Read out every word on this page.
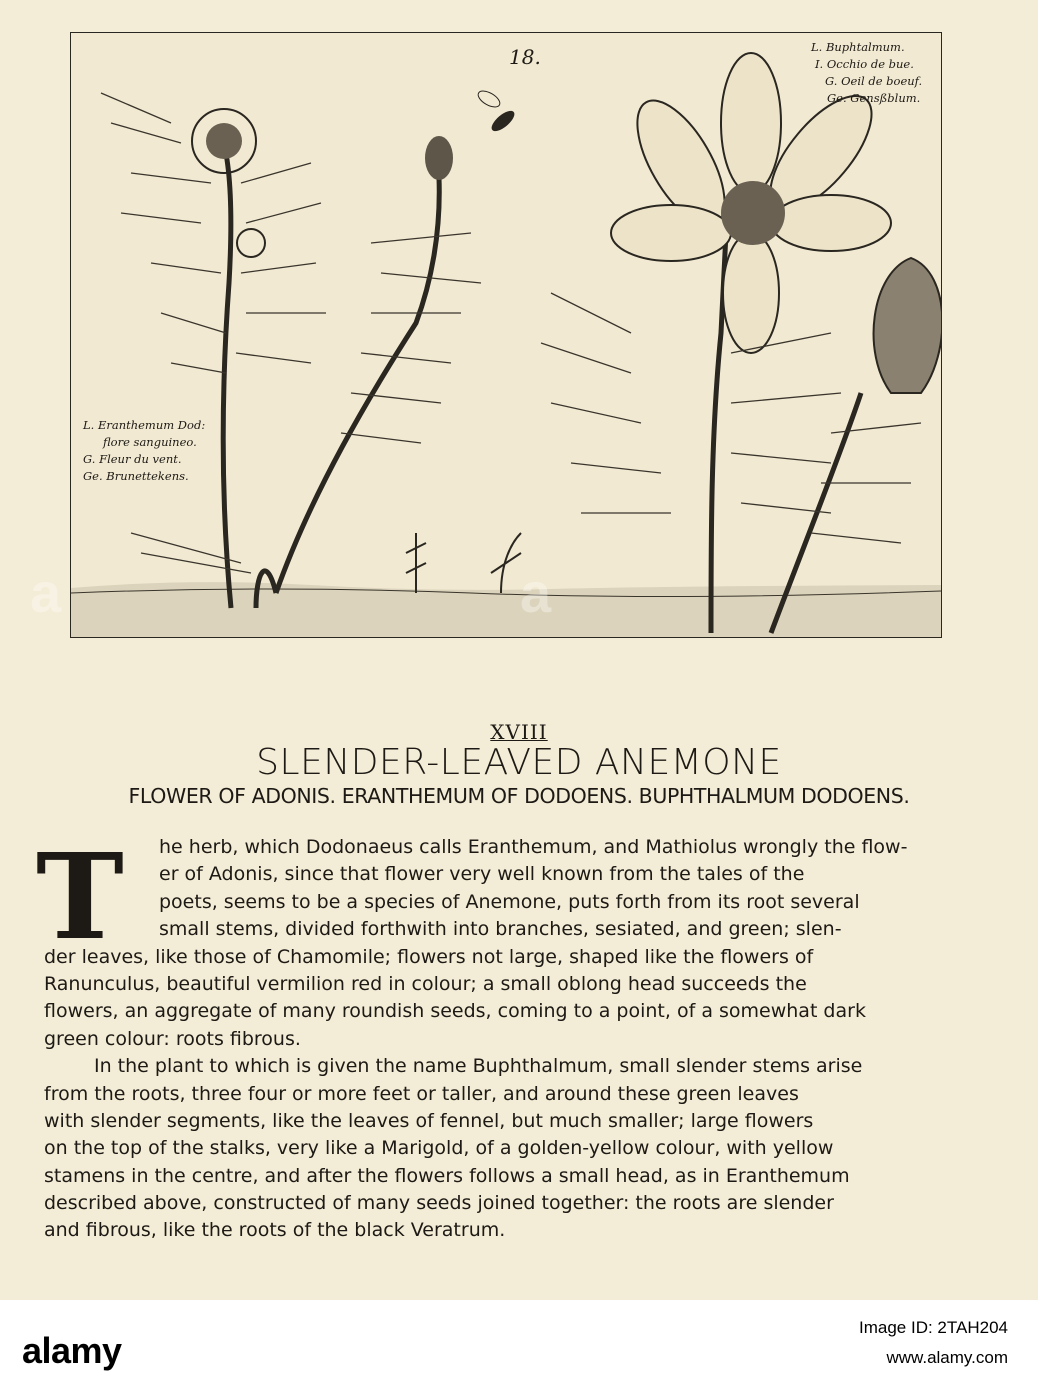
18.
L. Eranthemum Dod:
flore sanguineo.
G. Fleur du vent.
Ge. Brunettekens.
L. Buphtalmum.
I. Occhio de bue.
G. Oeil de boeuf.
Ge. Gensßblum.
XVIII
SLENDER-LEAVED ANEMONE
FLOWER OF ADONIS. ERANTHEMUM OF DODOENS. BUPHTHALMUM DODOENS.
T	he herb, which Dodonaeus calls Eranthemum, and Mathiolus wrongly the flow-
er of Adonis, since that flower very well known from the tales of the
poets, seems to be a species of Anemone, puts forth from its root several
small stems, divided forthwith into branches, sesiated, and green; slen-
der leaves, like those of Chamomile; flowers not large, shaped like the flowers of
Ranunculus, beautiful vermilion red in colour; a small oblong head succeeds the
flowers, an aggregate of many roundish seeds, coming to a point, of a somewhat dark
green colour: roots fibrous.
In the plant to which is given the name Buphthalmum, small slender stems arise
from the roots, three four or more feet or taller, and around these green leaves
with slender segments, like the leaves of fennel, but much smaller; large flowers
on the top of the stalks, very like a Marigold, of a golden-yellow colour, with yellow
stamens in the centre, and after the flowers follows a small head, as in Eranthemum
described above, constructed of many seeds joined together: the roots are slender
and fibrous, like the roots of the black Veratrum.
a	a
alamy
Image ID: 2TAH204
www.alamy.com
